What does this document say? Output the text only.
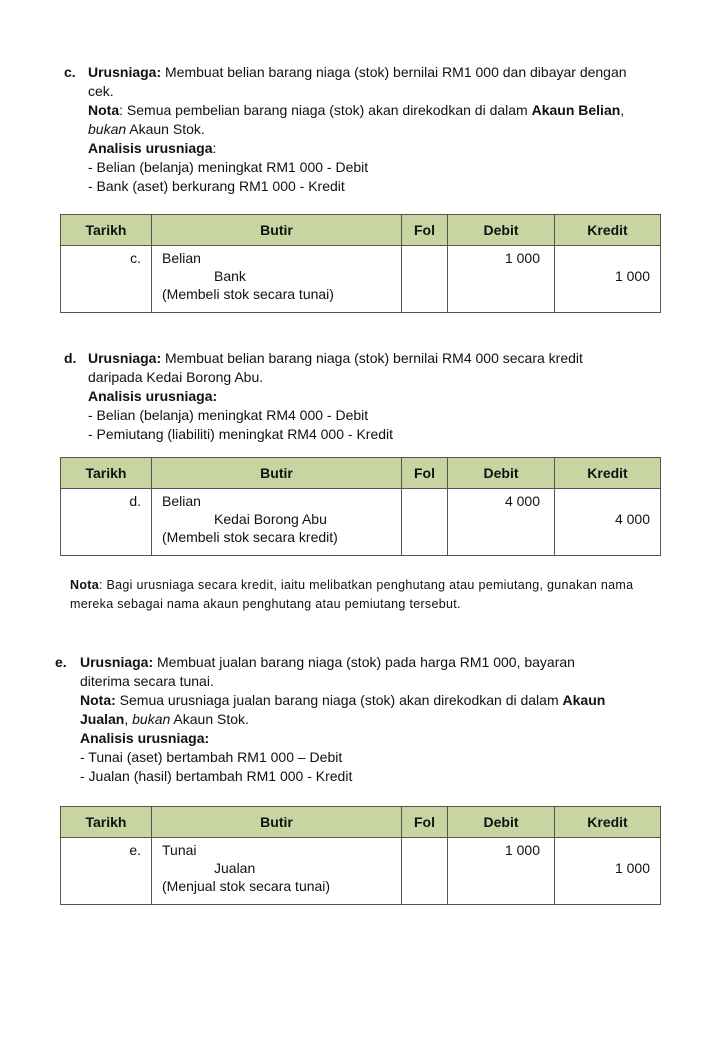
c. Urusniaga: Membuat belian barang niaga (stok) bernilai RM1 000 dan dibayar dengan
cek.
Nota: Semua pembelian barang niaga (stok) akan direkodkan di dalam Akaun Belian,
bukan Akaun Stok.
Analisis urusniaga:
- Belian (belanja) meningkat RM1 000 - Debit
- Bank (aset) berkurang RM1 000 - Kredit
Tarikh	Butir	Fol	Debit	Kredit
c.	Belian
Bank
(Membeli stok secara tunai)		1 000	1 000
d. Urusniaga: Membuat belian barang niaga (stok) bernilai RM4 000 secara kredit
daripada Kedai Borong Abu.
Analisis urusniaga:
- Belian (belanja) meningkat RM4 000 - Debit
- Pemiutang (liabiliti) meningkat RM4 000 - Kredit
Tarikh	Butir	Fol	Debit	Kredit
d.	Belian
Kedai Borong Abu
(Membeli stok secara kredit)		4 000	4 000
Nota: Bagi urusniaga secara kredit, iaitu melibatkan penghutang atau pemiutang, gunakan nama
mereka sebagai nama akaun penghutang atau pemiutang tersebut.
e. Urusniaga: Membuat jualan barang niaga (stok) pada harga RM1 000, bayaran
diterima secara tunai.
Nota: Semua urusniaga jualan barang niaga (stok) akan direkodkan di dalam Akaun
Jualan, bukan Akaun Stok.
Analisis urusniaga:
- Tunai (aset) bertambah RM1 000 – Debit
- Jualan (hasil) bertambah RM1 000 - Kredit
Tarikh	Butir	Fol	Debit	Kredit
e.	Tunai
Jualan
(Menjual stok secara tunai)		1 000	1 000
